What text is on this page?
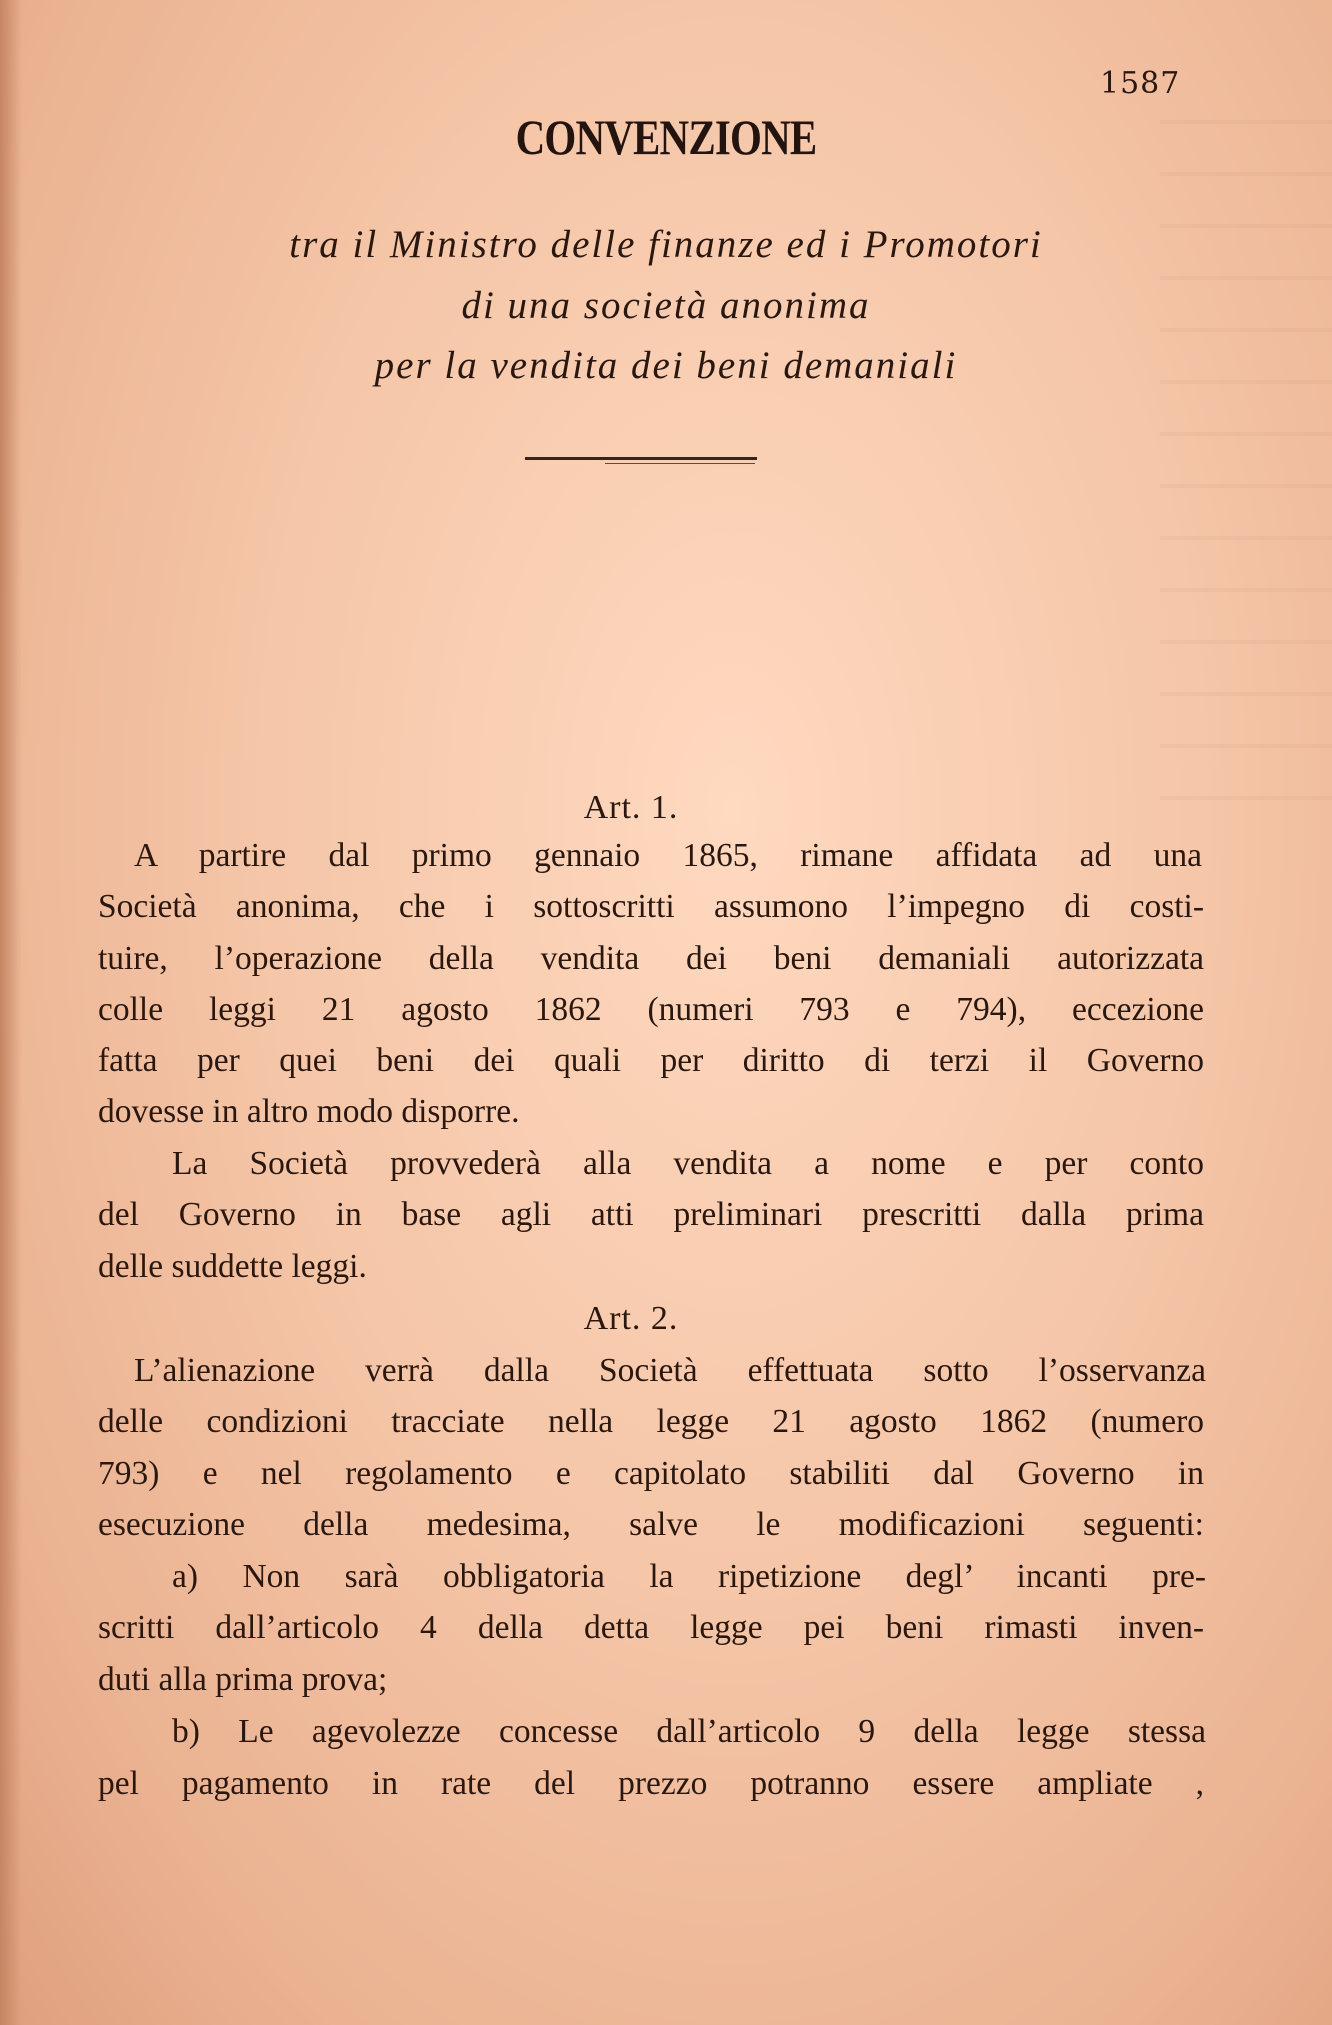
1587
CONVENZIONE
tra il Ministro delle finanze ed i Promotori
di una società anonima
per la vendita dei beni demaniali
Art. 1.
A partire dal primo gennaio 1865, rimane affidata ad una
Società anonima, che i sottoscritti assumono l’impegno di costi-
tuire, l’operazione della vendita dei beni demaniali autorizzata
colle leggi 21 agosto 1862 (numeri 793 e 794), eccezione
fatta per quei beni dei quali per diritto di terzi il Governo
dovesse in altro modo disporre.
La Società provvederà alla vendita a nome e per conto
del Governo in base agli atti preliminari prescritti dalla prima
delle suddette leggi.
Art. 2.
L’alienazione verrà dalla Società effettuata sotto l’osservanza
delle condizioni tracciate nella legge 21 agosto 1862 (numero
793) e nel regolamento e capitolato stabiliti dal Governo in
esecuzione della medesima, salve le modificazioni seguenti:
a) Non sarà obbligatoria la ripetizione degl’ incanti pre-
scritti dall’articolo 4 della detta legge pei beni rimasti inven-
duti alla prima prova;
b) Le agevolezze concesse dall’articolo 9 della legge stessa
pel pagamento in rate del prezzo potranno essere ampliate ,
